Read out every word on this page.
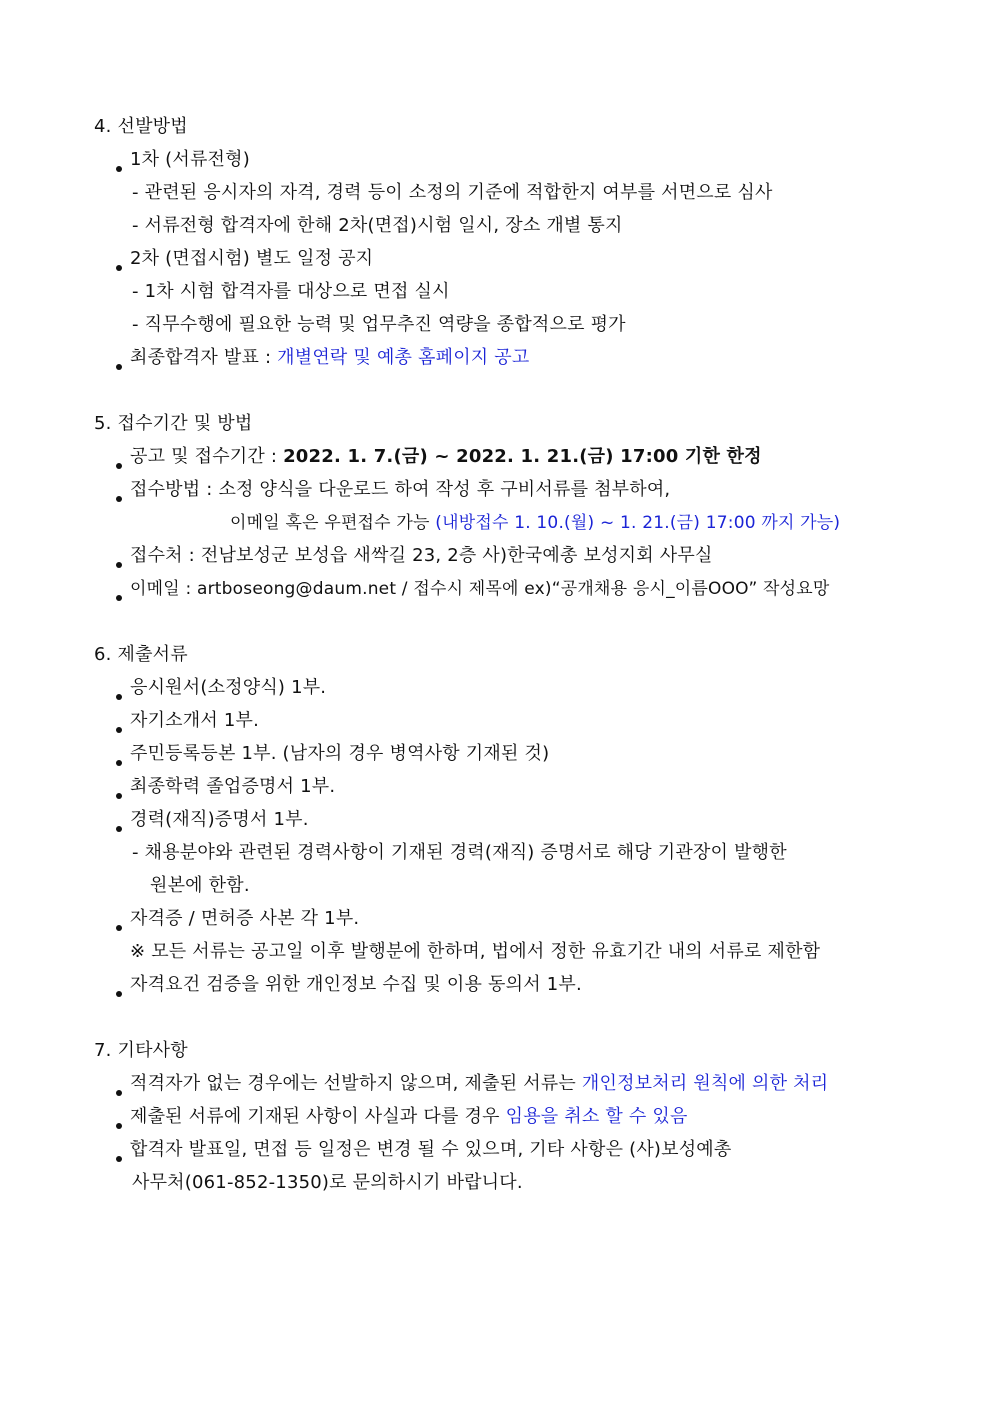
4. 선발방법
1차 (서류전형)
- 관련된 응시자의 자격, 경력 등이 소정의 기준에 적합한지 여부를 서면으로 심사
- 서류전형 합격자에 한해 2차(면접)시험 일시, 장소 개별 통지
2차 (면접시험) 별도 일정 공지
- 1차 시험 합격자를 대상으로 면접 실시
- 직무수행에 필요한 능력 및 업무추진 역량을 종합적으로 평가
최종합격자 발표 : 개별연락 및 예총 홈페이지 공고
5. 접수기간 및 방법
공고 및 접수기간 : 2022. 1. 7.(금) ~ 2022. 1. 21.(금) 17:00 기한 한정
접수방법 : 소정 양식을 다운로드 하여 작성 후 구비서류를 첨부하여,
이메일 혹은 우편접수 가능 (내방접수 1. 10.(월) ~ 1. 21.(금) 17:00 까지 가능)
접수처 : 전남보성군 보성읍 새싹길 23, 2층 사)한국예총 보성지회 사무실
이메일 : artboseong@daum.net / 접수시 제목에 ex)“공개채용 응시_이름OOO” 작성요망
6. 제출서류
응시원서(소정양식) 1부.
자기소개서 1부.
주민등록등본 1부. (남자의 경우 병역사항 기재된 것)
최종학력 졸업증명서 1부.
경력(재직)증명서 1부.
- 채용분야와 관련된 경력사항이 기재된 경력(재직) 증명서로 해당 기관장이 발행한
원본에 한함.
자격증 / 면허증 사본 각 1부.
※ 모든 서류는 공고일 이후 발행분에 한하며, 법에서 정한 유효기간 내의 서류로 제한함
자격요건 검증을 위한 개인정보 수집 및 이용 동의서 1부.
7. 기타사항
적격자가 없는 경우에는 선발하지 않으며, 제출된 서류는 개인정보처리 원칙에 의한 처리
제출된 서류에 기재된 사항이 사실과 다를 경우 임용을 취소 할 수 있음
합격자 발표일, 면접 등 일정은 변경 될 수 있으며, 기타 사항은 (사)보성예총
사무처(061-852-1350)로 문의하시기 바랍니다.
